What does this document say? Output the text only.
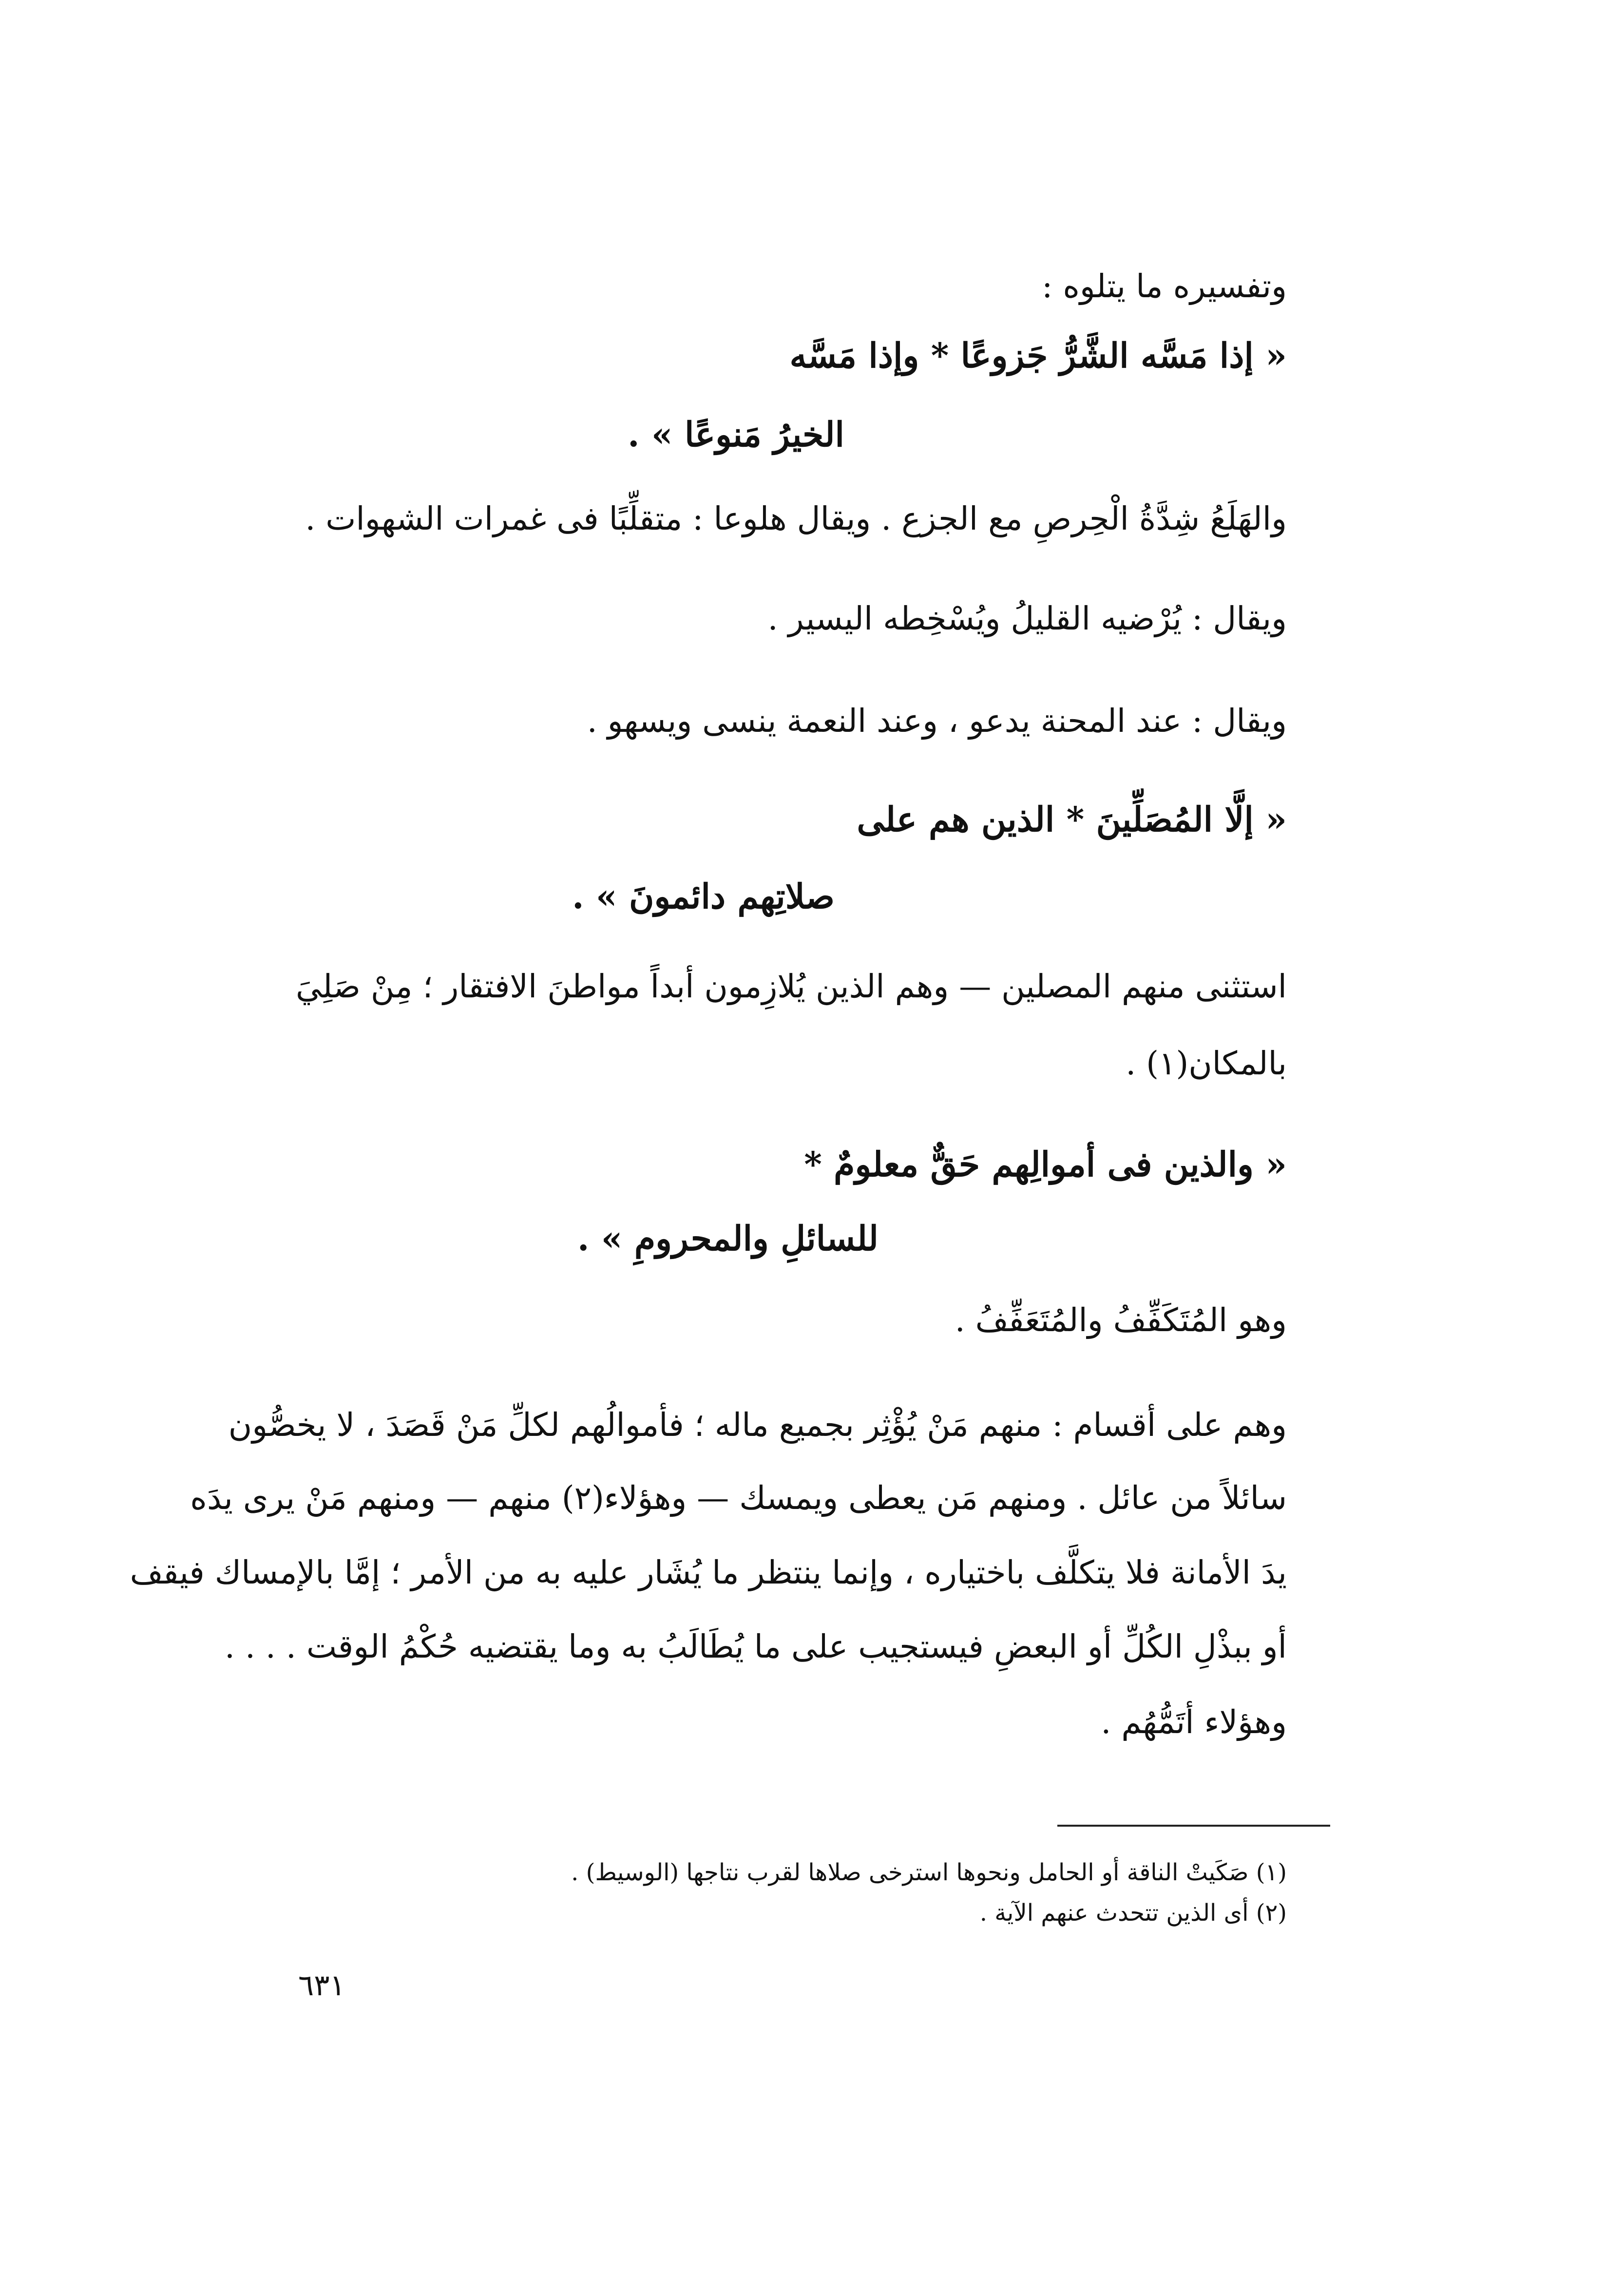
وتفسيره ما يتلوه :
« إذا مَسَّه الشَّرُّ جَزوعًا * وإذا مَسَّه
الخيرُ مَنوعًا » .
والهَلَعُ شِدَّةُ الْحِرصِ مع الجزع . ويقال هلوعا : متقلِّبًا فى غمرات الشهوات .
ويقال : يُرْضيه القليلُ ويُسْخِطه اليسير .
ويقال : عند المحنة يدعو ، وعند النعمة ينسى ويسهو .
« إلَّا المُصَلِّينَ * الذين هم على
صلاتِهم دائمونَ » .
استثنى منهم المصلين — وهم الذين يُلازِمون أبداً مواطنَ الافتقار ؛ مِنْ صَلِيَ
بالمكان(١) .
« والذين فى أموالِهم حَقٌّ معلومٌ *
للسائلِ والمحرومِ » .
وهو المُتَكَفِّفُ والمُتَعَفِّفُ .
وهم على أقسام : منهم مَنْ يُؤْثِر بجميع ماله ؛ فأموالُهم لكلِّ مَنْ قَصَدَ ، لا يخصُّون
سائلاً من عائل . ومنهم مَن يعطى ويمسك — وهؤلاء(٢) منهم — ومنهم مَنْ يرى يدَه
يدَ الأمانة فلا يتكلَّف باختياره ، وإنما ينتظر ما يُشَار عليه به من الأمر ؛ إمَّا بالإمساك فيقف
أو ببذْلِ الكُلِّ أو البعضِ فيستجيب على ما يُطَالَبُ به وما يقتضيه حُكْمُ الوقت . . . .
وهؤلاء أتَمُّهُم .
(١) صَكَيتْ الناقة أو الحامل ونحوها استرخى صلاها لقرب نتاجها (الوسيط) .
(٢) أى الذين تتحدث عنهم الآية .
٦٣١
